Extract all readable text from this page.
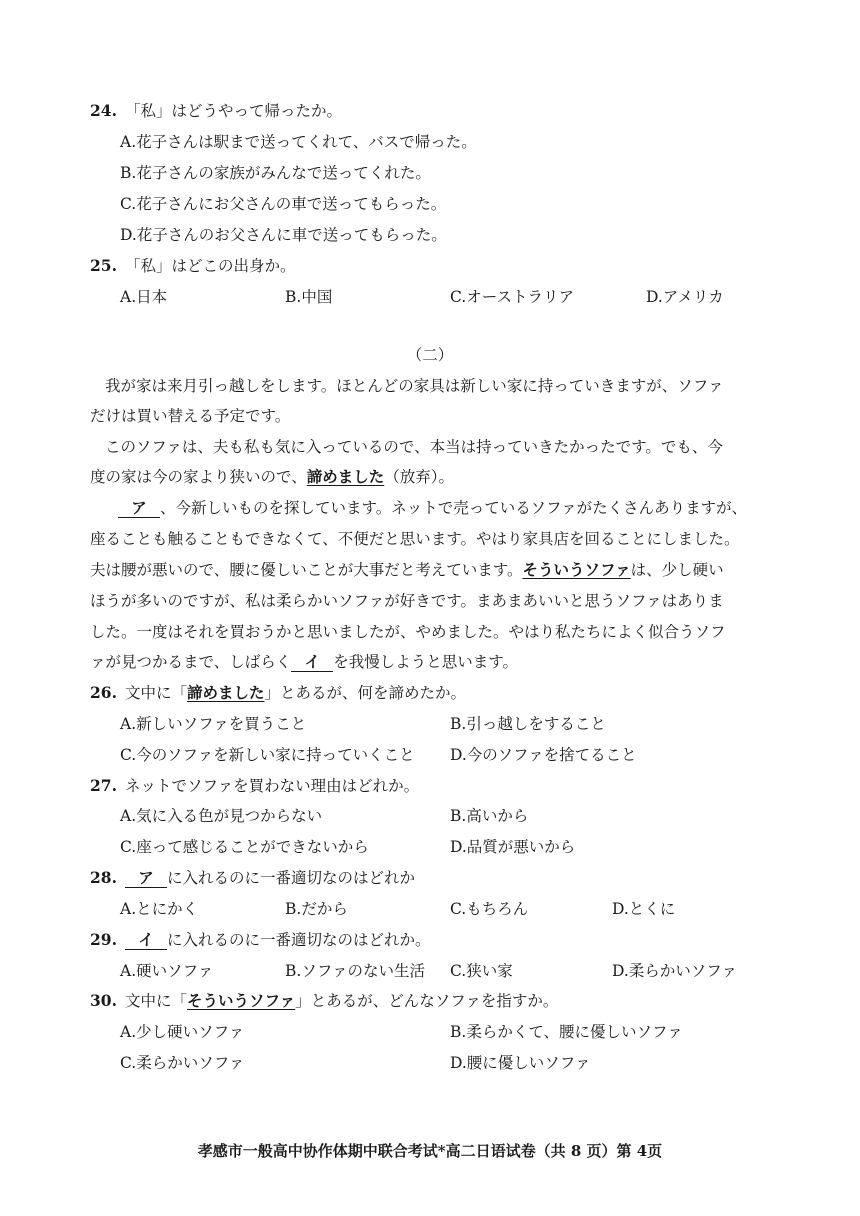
24. 「私」はどうやって帰ったか。
A.花子さんは駅まで送ってくれて、バスで帰った。
B.花子さんの家族がみんなで送ってくれた。
C.花子さんにお父さんの車で送ってもらった。
D.花子さんのお父さんに車で送ってもらった。
25. 「私」はどこの出身か。
A.日本	B.中国	C.オーストラリア	D.アメリカ
（二）
我が家は来月引っ越しをします。ほとんどの家具は新しい家に持っていきますが、ソファ
だけは買い替える予定です。
このソファは、夫も私も気に入っているので、本当は持っていきたかったです。でも、今
度の家は今の家より狭いので、諦めました（放弃）。
ア 、今新しいものを探しています。ネットで売っているソファがたくさんありますが、
座ることも触ることもできなくて、不便だと思います。やはり家具店を回ることにしました。
夫は腰が悪いので、腰に優しいことが大事だと考えています。そういうソファは、少し硬い
ほうが多いのですが、私は柔らかいソファが好きです。まあまあいいと思うソファはありま
した。一度はそれを買おうかと思いましたが、やめました。やはり私たちによく似合うソフ
ァが見つかるまで、しばらく イ を我慢しようと思います。
26. 文中に「諦めました」とあるが、何を諦めたか。
A.新しいソファを買うこと	B.引っ越しをすること
C.今のソファを新しい家に持っていくこと D.今のソファを捨てること
27. ネットでソファを買わない理由はどれか。
A.気に入る色が見つからない	B.高いから
C.座って感じることができないから	D.品質が悪いから
28. ア に入れるのに一番適切なのはどれか
A.とにかく	B.だから	C.もちろん	D.とくに
29. イ に入れるのに一番適切なのはどれか。
A.硬いソファ	B.ソファのない生活 C.狭い家	D.柔らかいソファ
30. 文中に「そういうソファ」とあるが、どんなソファを指すか。
A.少し硬いソファ	B.柔らかくて、腰に優しいソファ
C.柔らかいソファ	D.腰に優しいソファ
孝感市一般高中协作体期中联合考试*高二日语试卷（共 8 页）第 4页
